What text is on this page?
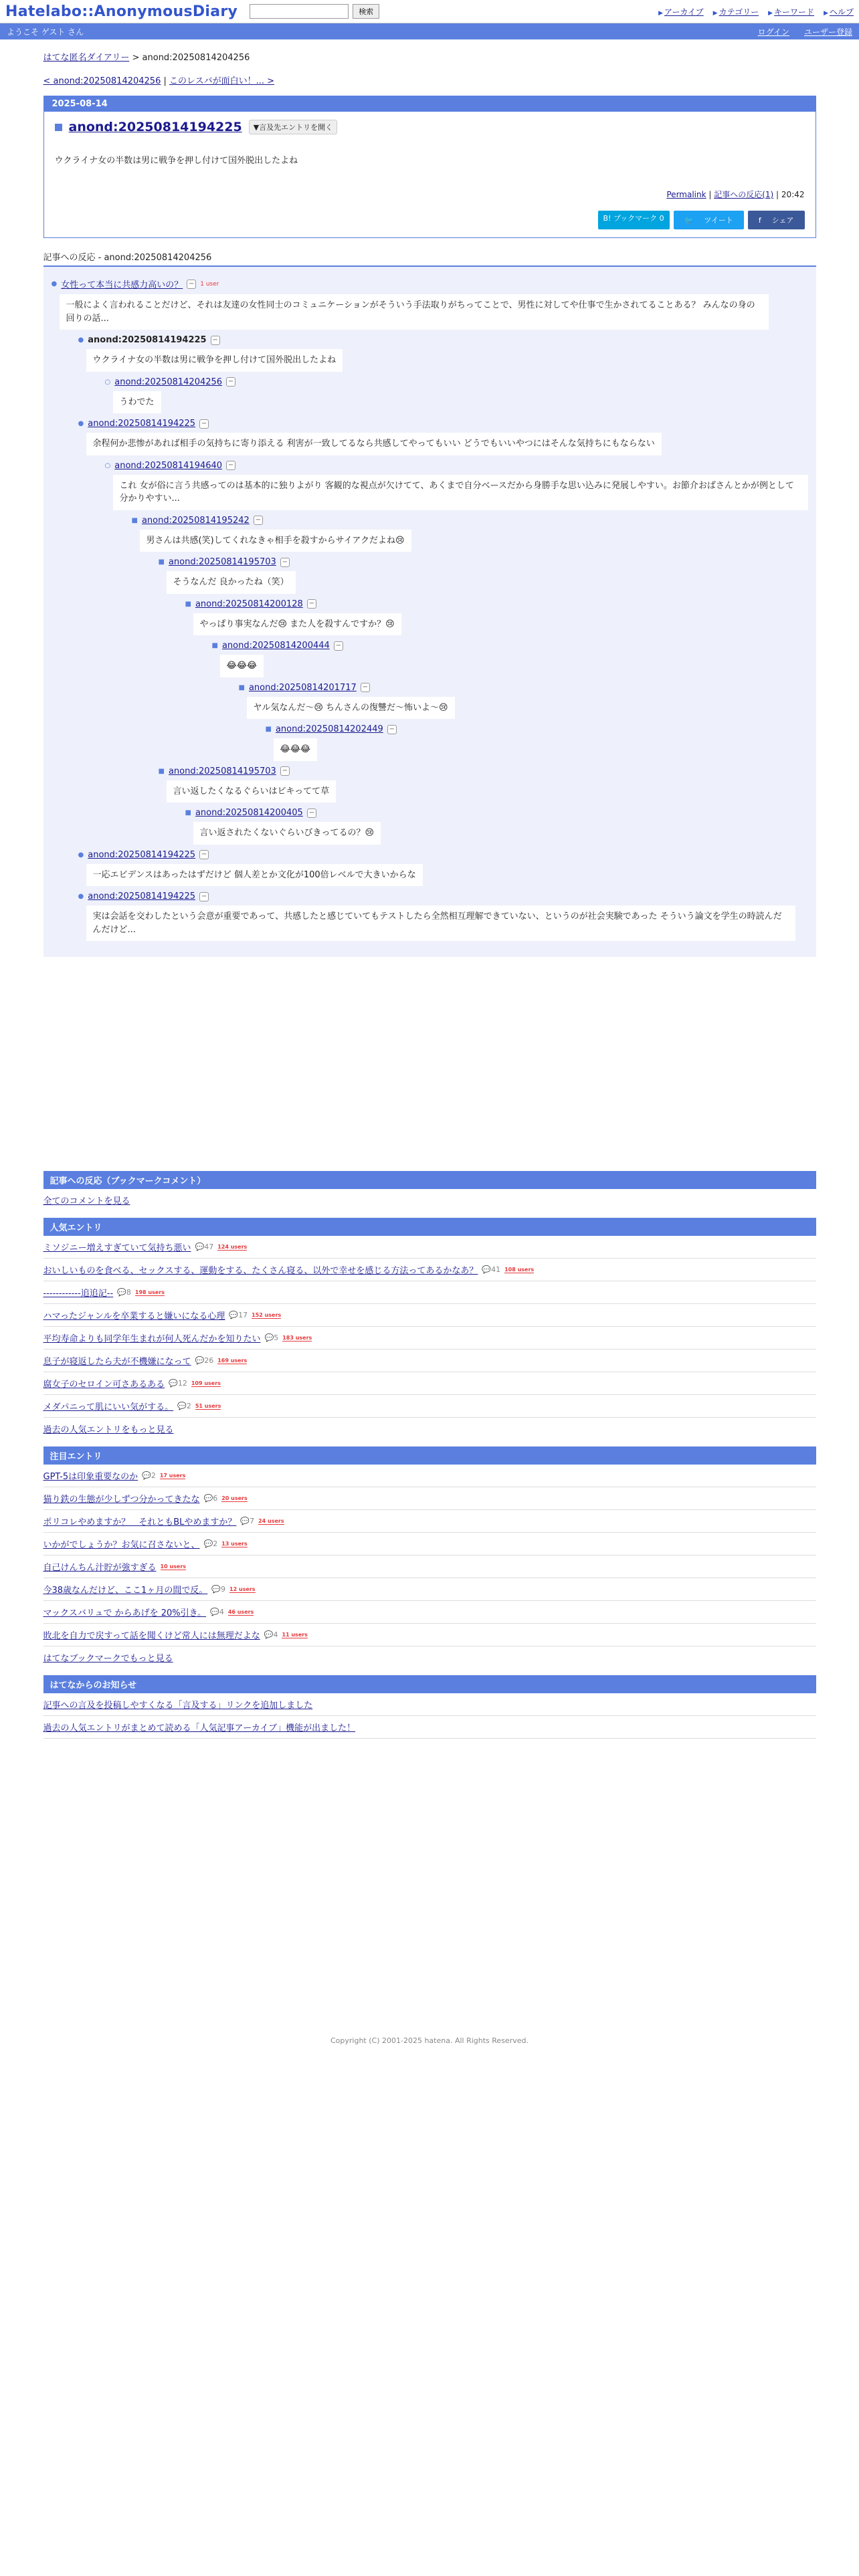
Hatelabo::AnonymousDiary	検索	▶ アーカイブ ▶ カテゴリー ▶ キーワード ▶ ヘルプ
ようこそ ゲスト さん	ログイン ユーザー登録
はてな匿名ダイアリー > anond:20250814204256
< anond:20250814204256 | このレスバが面白い！... >
2025-08-14
anond:20250814194225	▼言及先エントリを開く
ウクライナ女の半数は男に戦争を押し付けて国外脱出したよね
Permalink | 記事への反応(1) | 20:42
B! ブックマーク 0	🐦ツイート	fシェア
記事への反応 - anond:20250814204256
● 女性って本当に共感力高いの？ − 1 user
一般によく言われることだけど、それは友達の女性同士のコミュニケーションがそういう手法取りがちってことで、男性に対してや仕事で生かされてることある？ みんなの身の回りの話...
● anond:20250814194225 −
ウクライナ女の半数は男に戦争を押し付けて国外脱出したよね
○ anond:20250814204256 −
うわでた
● anond:20250814194225 −
余程何か悲惨があれば相手の気持ちに寄り添える 利害が一致してるなら共感してやってもいい どうでもいいやつにはそんな気持ちにもならない
○ anond:20250814194640 −
これ 女が俗に言う共感ってのは基本的に独りよがり 客観的な視点が欠けてて、あくまで自分ベースだから身勝手な思い込みに発展しやすい。お節介おばさんとかが例として分かりやすい...
■ anond:20250814195242 −
男さんは共感(笑)してくれなきゃ相手を殺すからサイアクだよね😢
■ anond:20250814195703 −
そうなんだ 良かったね（笑）
■ anond:20250814200128 −
やっぱり事実なんだ😢 また人を殺すんですか？😢
■ anond:20250814200444 −
😂😂😂
■ anond:20250814201717 −
ヤル気なんだ〜😢 ちんさんの復讐だ〜怖いよ〜😢
■ anond:20250814202449 −
😂😂😂
■ anond:20250814195703 −
言い返したくなるぐらいはビキってて草
■ anond:20250814200405 −
言い返されたくないぐらいびきってるの？😢
● anond:20250814194225 −
一応エビデンスはあったはずだけど 個人差とか文化が100倍レベルで大きいからな
● anond:20250814194225 −
実は会話を交わしたという会意が重要であって、共感したと感じていてもテストしたら全然相互理解できていない、というのが社会実験であった そういう論文を学生の時読んだんだけど...
記事への反応（ブックマークコメント）
全てのコメントを見る
人気エントリ
ミソジニー増えすぎていて気持ち悪い 💬47 124 users
おいしいものを食べる、セックスする、運動をする、たくさん寝る、以外で幸せを感じる方法ってあるかなあ？ 💬41 108 users
------------追追記-- 💬8 198 users
ハマったジャンルを卒業すると嫌いになる心理 💬17 152 users
平均寿命よりも同学年生まれが何人死んだかを知りたい 💬5 183 users
息子が寝返したら夫が不機嫌になって 💬26 169 users
腐女子のセロイン可さあるある 💬12 109 users
メダパニって肌にいい気がする。 💬2 51 users
過去の人気エントリをもっと見る
注目エントリ
GPT-5は印象重要なのか 💬2 17 users
猫り鉄の生態が少しずつ分かってきたな 💬6 20 users
ポリコレやめますか？　それともBLやめますか？ 💬7 24 users
いかがでしょうか？お気に召さないと、 💬2 13 users
自己けんちん汁貯が強すぎる 10 users
今38歳なんだけど、ここ1ヶ月の間で反。 💬9 12 users
マックスバリュで からあげを 20%引き。 💬4 46 users
敗北を自力で戻すって話を聞くけど常人には無理だよな 💬4 11 users
はてなブックマークでもっと見る
はてなからのお知らせ
記事への言及を投稿しやすくなる「言及する」リンクを追加しました
過去の人気エントリがまとめて読める「人気記事アーカイブ」機能が出ました！
Copyright (C) 2001-2025 hatena. All Rights Reserved.
